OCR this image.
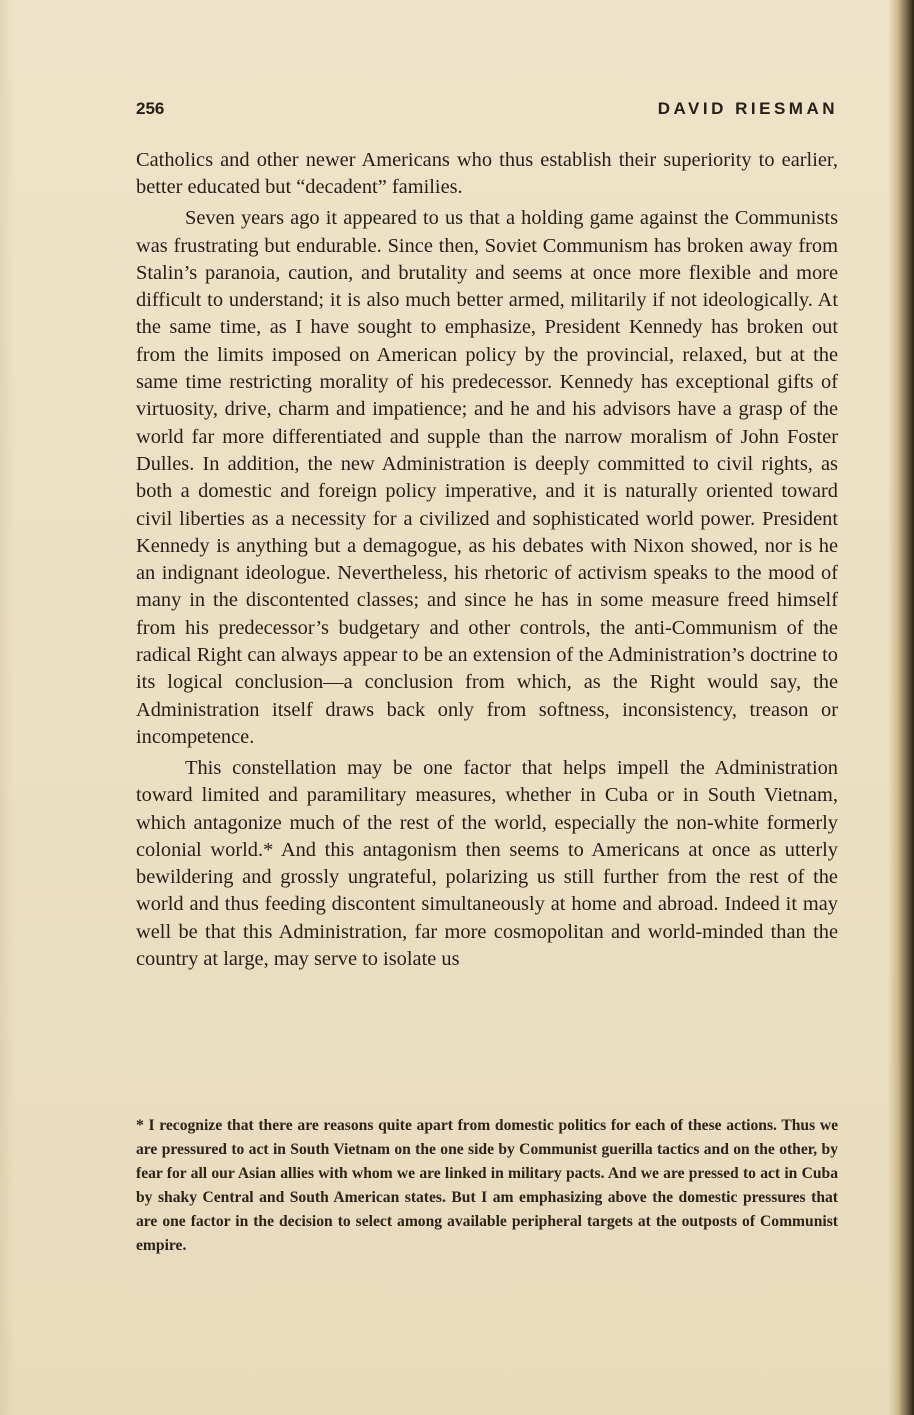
256	DAVID RIESMAN

Catholics and other newer Americans who thus establish their superiority to earlier, better educated but “decadent” families.

Seven years ago it appeared to us that a holding game against the Communists was frustrating but endurable. Since then, Soviet Communism has broken away from Stalin’s paranoia, caution, and brutality and seems at once more flexible and more difficult to understand; it is also much better armed, militarily if not ideologically. At the same time, as I have sought to emphasize, President Kennedy has broken out from the limits imposed on American policy by the provincial, relaxed, but at the same time restricting morality of his predecessor. Kennedy has exceptional gifts of virtuosity, drive, charm and impatience; and he and his advisors have a grasp of the world far more differentiated and supple than the narrow moralism of John Foster Dulles. In addition, the new Administration is deeply committed to civil rights, as both a domestic and foreign policy imperative, and it is naturally oriented toward civil liberties as a necessity for a civilized and sophisticated world power. President Kennedy is anything but a demagogue, as his debates with Nixon showed, nor is he an indignant ideologue. Nevertheless, his rhetoric of activism speaks to the mood of many in the discontented classes; and since he has in some measure freed himself from his predecessor’s budgetary and other controls, the anti-Communism of the radical Right can always appear to be an extension of the Administration’s doctrine to its logical conclusion—a conclusion from which, as the Right would say, the Administration itself draws back only from softness, inconsistency, treason or incompetence.

This constellation may be one factor that helps impell the Administration toward limited and paramilitary measures, whether in Cuba or in South Vietnam, which antagonize much of the rest of the world, especially the non-white formerly colonial world.* And this antagonism then seems to Americans at once as utterly bewildering and grossly ungrateful, polarizing us still further from the rest of the world and thus feeding discontent simultaneously at home and abroad. Indeed it may well be that this Administration, far more cosmopolitan and world-minded than the country at large, may serve to isolate us

* I recognize that there are reasons quite apart from domestic politics for each of these actions. Thus we are pressured to act in South Vietnam on the one side by Communist guerilla tactics and on the other, by fear for all our Asian allies with whom we are linked in military pacts. And we are pressed to act in Cuba by shaky Central and South American states. But I am emphasizing above the domestic pressures that are one factor in the decision to select among available peripheral targets at the outposts of Communist empire.
